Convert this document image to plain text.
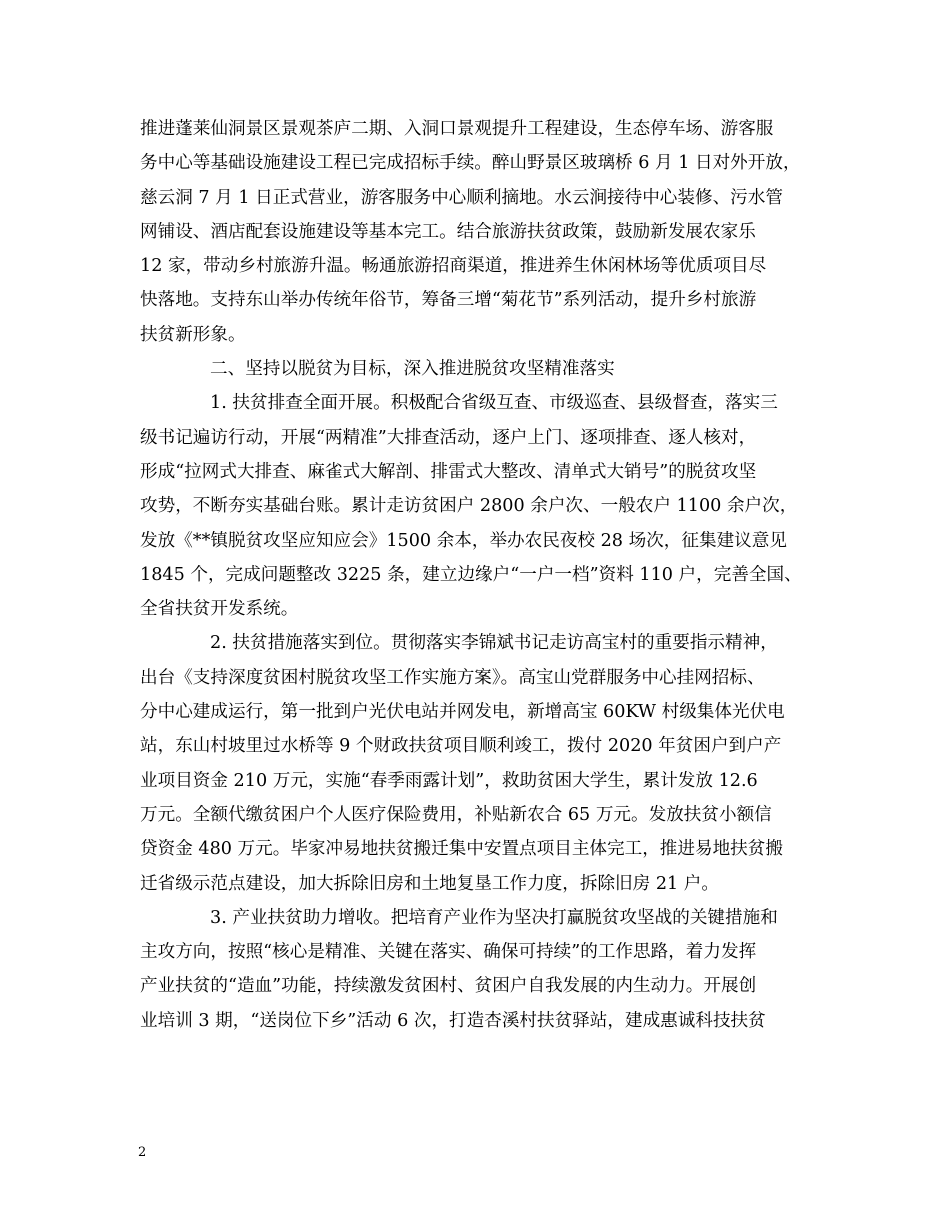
推进蓬莱仙洞景区景观茶庐二期、入洞口景观提升工程建设，生态停车场、游客服
务中心等基础设施建设工程已完成招标手续。醉山野景区玻璃桥 6 月 1 日对外开放，
慈云洞 7 月 1 日正式营业，游客服务中心顺利摘地。水云涧接待中心装修、污水管
网铺设、酒店配套设施建设等基本完工。结合旅游扶贫政策，鼓励新发展农家乐
12 家，带动乡村旅游升温。畅通旅游招商渠道，推进养生休闲林场等优质项目尽
快落地。支持东山举办传统年俗节，筹备三增“菊花节”系列活动，提升乡村旅游
扶贫新形象。
二、坚持以脱贫为目标，深入推进脱贫攻坚精准落实
1. 扶贫排查全面开展。积极配合省级互查、市级巡查、县级督查，落实三
级书记遍访行动，开展“两精准”大排查活动，逐户上门、逐项排查、逐人核对，
形成“拉网式大排查、麻雀式大解剖、排雷式大整改、清单式大销号”的脱贫攻坚
攻势，不断夯实基础台账。累计走访贫困户 2800 余户次、一般农户 1100 余户次，
发放《**镇脱贫攻坚应知应会》1500 余本，举办农民夜校 28 场次，征集建议意见
1845 个，完成问题整改 3225 条，建立边缘户“一户一档”资料 110 户，完善全国、
全省扶贫开发系统。
2. 扶贫措施落实到位。贯彻落实李锦斌书记走访高宝村的重要指示精神，
出台《支持深度贫困村脱贫攻坚工作实施方案》。高宝山党群服务中心挂网招标、
分中心建成运行，第一批到户光伏电站并网发电，新增高宝 60KW 村级集体光伏电
站，东山村坡里过水桥等 9 个财政扶贫项目顺利竣工，拨付 2020 年贫困户到户产
业项目资金 210 万元，实施“春季雨露计划”，救助贫困大学生，累计发放 12.6
万元。全额代缴贫困户个人医疗保险费用，补贴新农合 65 万元。发放扶贫小额信
贷资金 480 万元。毕家冲易地扶贫搬迁集中安置点项目主体完工，推进易地扶贫搬
迁省级示范点建设，加大拆除旧房和土地复垦工作力度，拆除旧房 21 户。
3. 产业扶贫助力增收。把培育产业作为坚决打赢脱贫攻坚战的关键措施和
主攻方向，按照“核心是精准、关键在落实、确保可持续”的工作思路，着力发挥
产业扶贫的“造血”功能，持续激发贫困村、贫困户自我发展的内生动力。开展创
业培训 3 期，“送岗位下乡”活动 6 次，打造杏溪村扶贫驿站，建成惠诚科技扶贫
2
